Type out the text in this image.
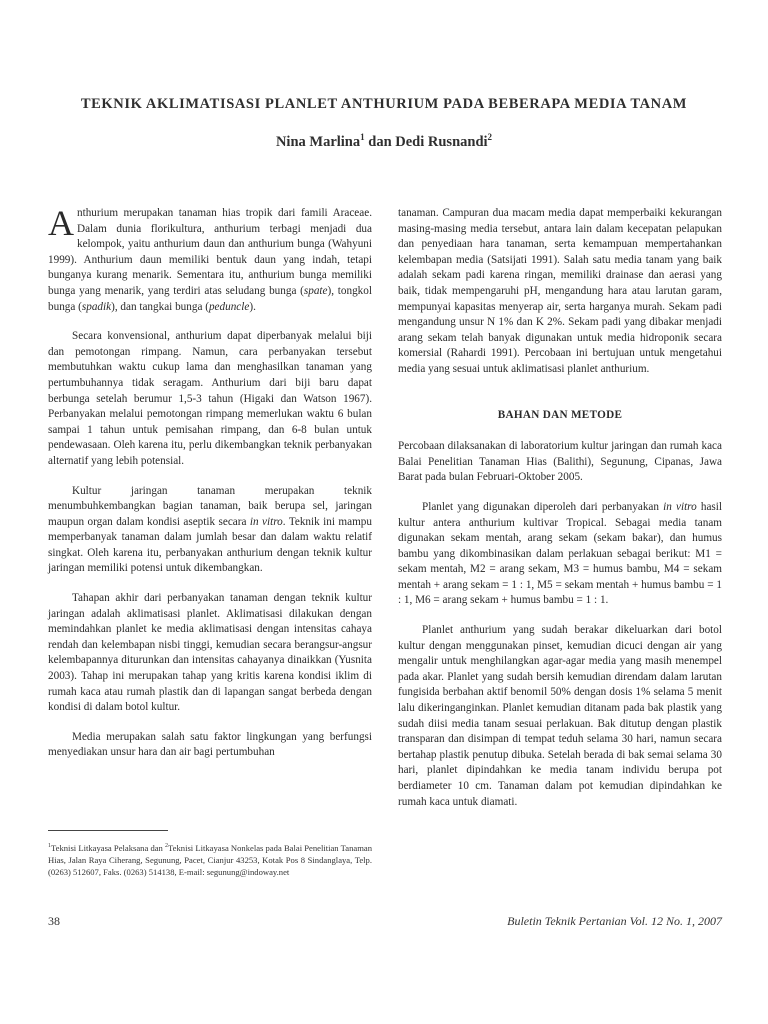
TEKNIK AKLIMATISASI PLANLET ANTHURIUM PADA BEBERAPA MEDIA TANAM
Nina Marlina$^1$ dan Dedi Rusnandi$^2$

Anthurium merupakan tanaman hias tropik dari famili Araceae. Dalam dunia florikultura, anthurium terbagi menjadi dua kelompok, yaitu anthurium daun dan anthurium bunga (Wahyuni 1999). Anthurium daun memiliki bentuk daun yang indah, tetapi bunganya kurang menarik. Sementara itu, anthurium bunga memiliki bunga yang menarik, yang terdiri atas seludang bunga (spate), tongkol bunga (spadik), dan tangkai bunga (peduncle).

Secara konvensional, anthurium dapat diperbanyak melalui biji dan pemotongan rimpang. Namun, cara perbanyakan tersebut membutuhkan waktu cukup lama dan menghasilkan tanaman yang pertumbuhannya tidak seragam. Anthurium dari biji baru dapat berbunga setelah berumur 1,5-3 tahun (Higaki dan Watson 1967). Perbanyakan melalui pemotongan rimpang memerlukan waktu 6 bulan sampai 1 tahun untuk pemisahan rimpang, dan 6-8 bulan untuk pendewasaan. Oleh karena itu, perlu dikembangkan teknik perbanyakan alternatif yang lebih potensial.

Kultur jaringan tanaman merupakan teknik menumbuhkembangkan bagian tanaman, baik berupa sel, jaringan maupun organ dalam kondisi aseptik secara in vitro. Teknik ini mampu memperbanyak tanaman dalam jumlah besar dan dalam waktu relatif singkat. Oleh karena itu, perbanyakan anthurium dengan teknik kultur jaringan memiliki potensi untuk dikembangkan.

Tahapan akhir dari perbanyakan tanaman dengan teknik kultur jaringan adalah aklimatisasi planlet. Aklimatisasi dilakukan dengan memindahkan planlet ke media aklimatisasi dengan intensitas cahaya rendah dan kelembapan nisbi tinggi, kemudian secara berangsur-angsur kelembapannya diturunkan dan intensitas cahayanya dinaikkan (Yusnita 2003). Tahap ini merupakan tahap yang kritis karena kondisi iklim di rumah kaca atau rumah plastik dan di lapangan sangat berbeda dengan kondisi di dalam botol kultur.

Media merupakan salah satu faktor lingkungan yang berfungsi menyediakan unsur hara dan air bagi pertumbuhan

tanaman. Campuran dua macam media dapat memperbaiki kekurangan masing-masing media tersebut, antara lain dalam kecepatan pelapukan dan penyediaan hara tanaman, serta kemampuan mempertahankan kelembapan media (Satsijati 1991). Salah satu media tanam yang baik adalah sekam padi karena ringan, memiliki drainase dan aerasi yang baik, tidak mempengaruhi pH, mengandung hara atau larutan garam, mempunyai kapasitas menyerap air, serta harganya murah. Sekam padi mengandung unsur N 1% dan K 2%. Sekam padi yang dibakar menjadi arang sekam telah banyak digunakan untuk media hidroponik secara komersial (Rahardi 1991). Percobaan ini bertujuan untuk mengetahui media yang sesuai untuk aklimatisasi planlet anthurium.

BAHAN DAN METODE

Percobaan dilaksanakan di laboratorium kultur jaringan dan rumah kaca Balai Penelitian Tanaman Hias (Balithi), Segunung, Cipanas, Jawa Barat pada bulan Februari-Oktober 2005.

Planlet yang digunakan diperoleh dari perbanyakan in vitro hasil kultur antera anthurium kultivar Tropical. Sebagai media tanam digunakan sekam mentah, arang sekam (sekam bakar), dan humus bambu yang dikombinasikan dalam perlakuan sebagai berikut: M1 = sekam mentah, M2 = arang sekam, M3 = humus bambu, M4 = sekam mentah + arang sekam = 1 : 1, M5 = sekam mentah + humus bambu = 1 : 1, M6 = arang sekam + humus bambu = 1 : 1.

Planlet anthurium yang sudah berakar dikeluarkan dari botol kultur dengan menggunakan pinset, kemudian dicuci dengan air yang mengalir untuk menghilangkan agar-agar media yang masih menempel pada akar. Planlet yang sudah bersih kemudian direndam dalam larutan fungisida berbahan aktif benomil 50% dengan dosis 1% selama 5 menit lalu dikeringanginkan. Planlet kemudian ditanam pada bak plastik yang sudah diisi media tanam sesuai perlakuan. Bak ditutup dengan plastik transparan dan disimpan di tempat teduh selama 30 hari, namun secara bertahap plastik penutup dibuka. Setelah berada di bak semai selama 30 hari, planlet dipindahkan ke media tanam individu berupa pot berdiameter 10 cm. Tanaman dalam pot kemudian dipindahkan ke rumah kaca untuk diamati.

$^1$Teknisi Litkayasa Pelaksana dan $^2$Teknisi Litkayasa Nonkelas pada Balai Penelitian Tanaman Hias, Jalan Raya Ciherang, Segunung, Pacet, Cianjur 43253, Kotak Pos 8 Sindanglaya, Telp. (0263) 512607, Faks. (0263) 514138, E-mail: segunung@indoway.net
38	Buletin Teknik Pertanian Vol. 12 No. 1, 2007
